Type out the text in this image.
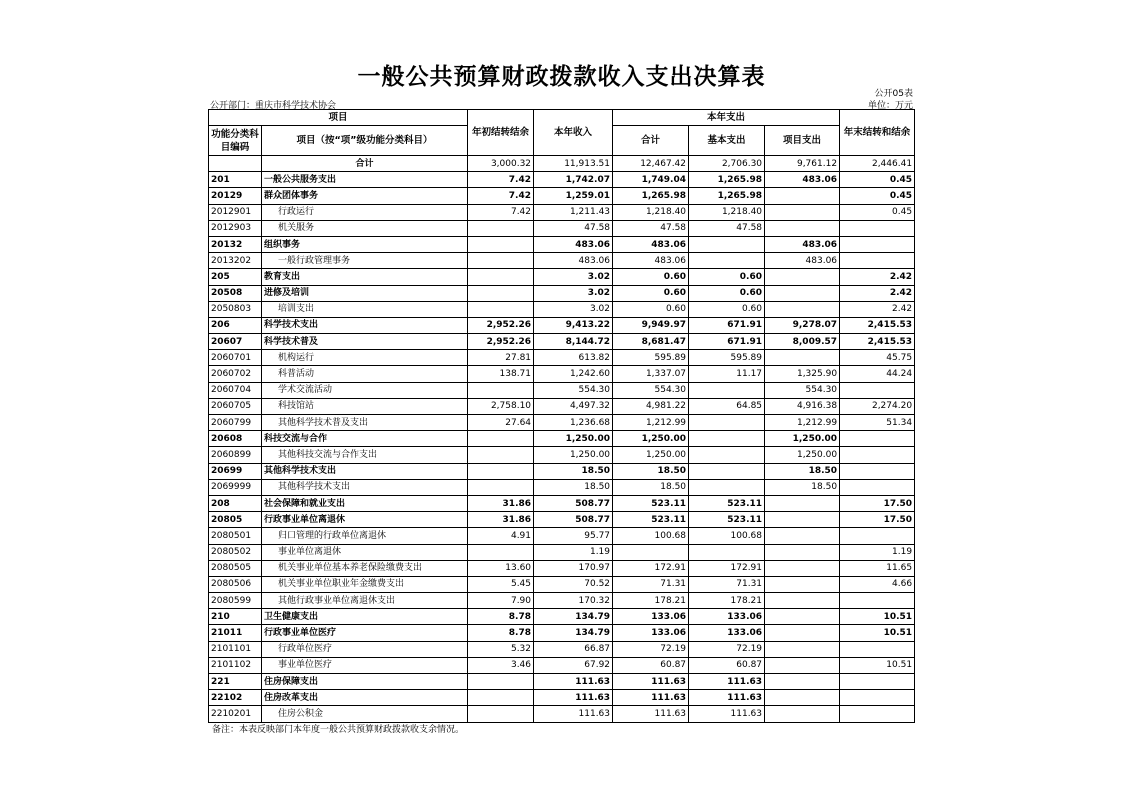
一般公共预算财政拨款收入支出决算表
公开05表
公开部门：重庆市科学技术协会	单位：万元
项目		年初结转结余	本年收入	本年支出			年末结转和结余
功能分类科目编码	项目（按“项”级功能分类科目）			合计	基本支出	项目支出	
	合计	3,000.32	11,913.51	12,467.42	2,706.30	9,761.12	2,446.41
201	一般公共服务支出	7.42	1,742.07	1,749.04	1,265.98	483.06	0.45
20129	群众团体事务	7.42	1,259.01	1,265.98	1,265.98		0.45
2012901	行政运行	7.42	1,211.43	1,218.40	1,218.40		0.45
2012903	机关服务		47.58	47.58	47.58		
20132	组织事务		483.06	483.06		483.06	
2013202	一般行政管理事务		483.06	483.06		483.06	
205	教育支出		3.02	0.60	0.60		2.42
20508	进修及培训		3.02	0.60	0.60		2.42
2050803	培训支出		3.02	0.60	0.60		2.42
206	科学技术支出	2,952.26	9,413.22	9,949.97	671.91	9,278.07	2,415.53
20607	科学技术普及	2,952.26	8,144.72	8,681.47	671.91	8,009.57	2,415.53
2060701	机构运行	27.81	613.82	595.89	595.89		45.75
2060702	科普活动	138.71	1,242.60	1,337.07	11.17	1,325.90	44.24
2060704	学术交流活动		554.30	554.30		554.30	
2060705	科技馆站	2,758.10	4,497.32	4,981.22	64.85	4,916.38	2,274.20
2060799	其他科学技术普及支出	27.64	1,236.68	1,212.99		1,212.99	51.34
20608	科技交流与合作		1,250.00	1,250.00		1,250.00	
2060899	其他科技交流与合作支出		1,250.00	1,250.00		1,250.00	
20699	其他科学技术支出		18.50	18.50		18.50	
2069999	其他科学技术支出		18.50	18.50		18.50	
208	社会保障和就业支出	31.86	508.77	523.11	523.11		17.50
20805	行政事业单位离退休	31.86	508.77	523.11	523.11		17.50
2080501	归口管理的行政单位离退休	4.91	95.77	100.68	100.68		
2080502	事业单位离退休		1.19				1.19
2080505	机关事业单位基本养老保险缴费支出	13.60	170.97	172.91	172.91		11.65
2080506	机关事业单位职业年金缴费支出	5.45	70.52	71.31	71.31		4.66
2080599	其他行政事业单位离退休支出	7.90	170.32	178.21	178.21		
210	卫生健康支出	8.78	134.79	133.06	133.06		10.51
21011	行政事业单位医疗	8.78	134.79	133.06	133.06		10.51
2101101	行政单位医疗	5.32	66.87	72.19	72.19		
2101102	事业单位医疗	3.46	67.92	60.87	60.87		10.51
221	住房保障支出		111.63	111.63	111.63		
22102	住房改革支出		111.63	111.63	111.63		
2210201	住房公积金		111.63	111.63	111.63		
备注：本表反映部门本年度一般公共预算财政拨款收支余情况。
